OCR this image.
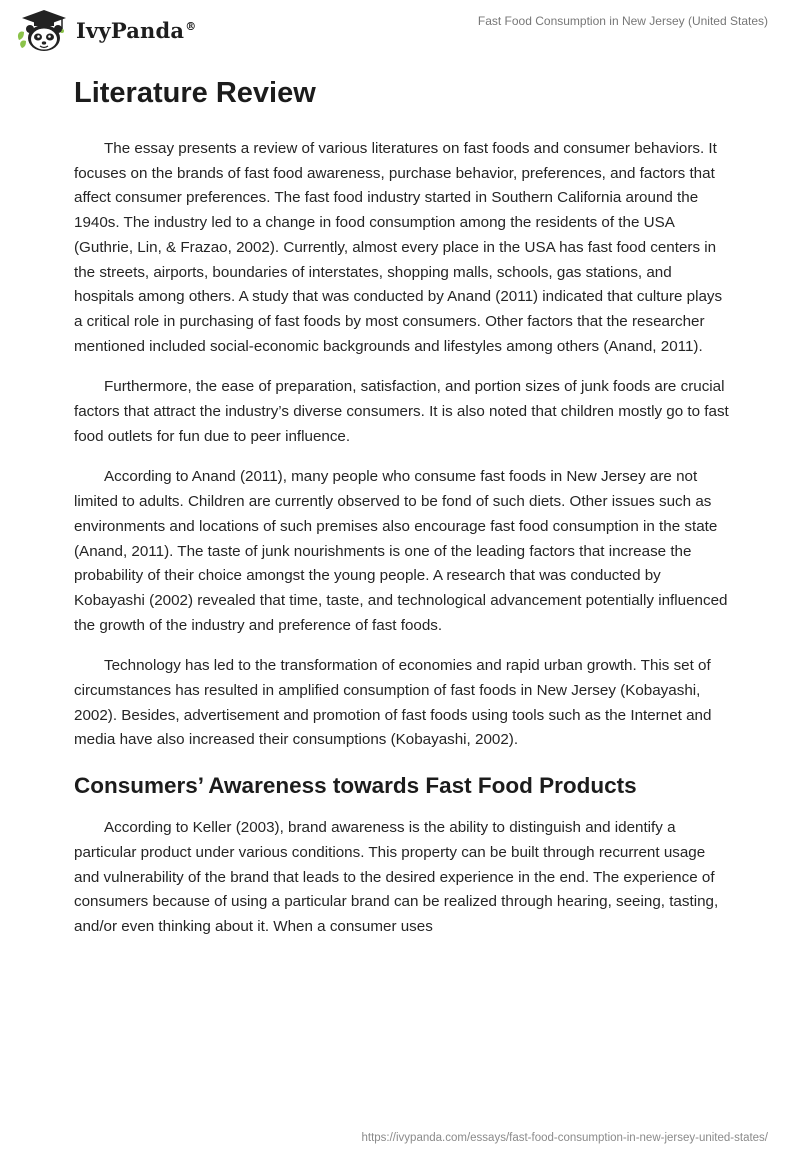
IvyPanda®	Fast Food Consumption in New Jersey (United States)
Literature Review

The essay presents a review of various literatures on fast foods and consumer behaviors. It focuses on the brands of fast food awareness, purchase behavior, preferences, and factors that affect consumer preferences. The fast food industry started in Southern California around the 1940s. The industry led to a change in food consumption among the residents of the USA (Guthrie, Lin, & Frazao, 2002). Currently, almost every place in the USA has fast food centers in the streets, airports, boundaries of interstates, shopping malls, schools, gas stations, and hospitals among others. A study that was conducted by Anand (2011) indicated that culture plays a critical role in purchasing of fast foods by most consumers. Other factors that the researcher mentioned included social-economic backgrounds and lifestyles among others (Anand, 2011).

Furthermore, the ease of preparation, satisfaction, and portion sizes of junk foods are crucial factors that attract the industry’s diverse consumers. It is also noted that children mostly go to fast food outlets for fun due to peer influence.

According to Anand (2011), many people who consume fast foods in New Jersey are not limited to adults. Children are currently observed to be fond of such diets. Other issues such as environments and locations of such premises also encourage fast food consumption in the state (Anand, 2011). The taste of junk nourishments is one of the leading factors that increase the probability of their choice amongst the young people. A research that was conducted by Kobayashi (2002) revealed that time, taste, and technological advancement potentially influenced the growth of the industry and preference of fast foods.

Technology has led to the transformation of economies and rapid urban growth. This set of circumstances has resulted in amplified consumption of fast foods in New Jersey (Kobayashi, 2002). Besides, advertisement and promotion of fast foods using tools such as the Internet and media have also increased their consumptions (Kobayashi, 2002).

Consumers’ Awareness towards Fast Food Products

According to Keller (2003), brand awareness is the ability to distinguish and identify a particular product under various conditions. This property can be built through recurrent usage and vulnerability of the brand that leads to the desired experience in the end. The experience of consumers because of using a particular brand can be realized through hearing, seeing, tasting, and/or even thinking about it. When a consumer uses

https://ivypanda.com/essays/fast-food-consumption-in-new-jersey-united-states/
